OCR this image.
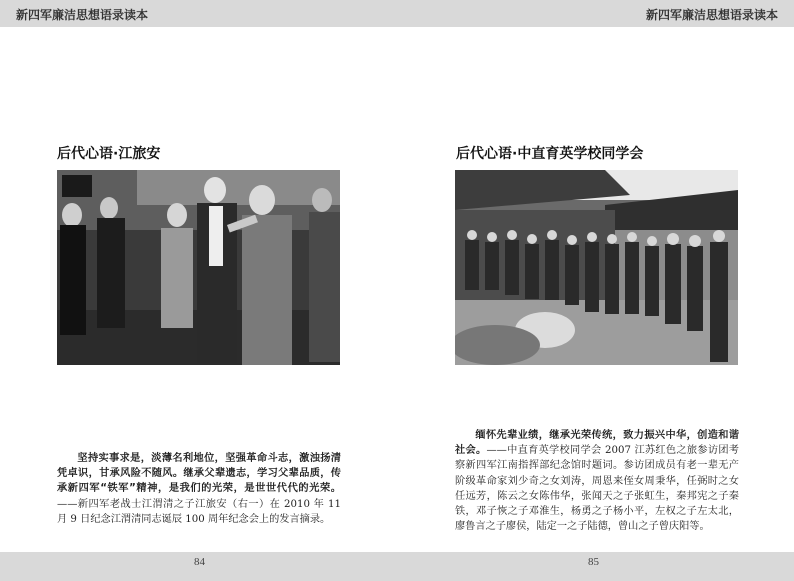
新四军廉洁思想语录读本	新四军廉洁思想语录读本
后代心语·江旅安

坚持实事求是，淡薄名利地位，坚强革命斗志，激浊扬清凭卓识，甘承风险不随风。继承父辈遗志，学习父辈品质，传承新四军“铁军”精神，是我们的光荣，是世世代代的光荣。——新四军老战士江渭清之子江旅安（右一）在 2010 年 11 月 9 日纪念江渭清同志诞辰 100 周年纪念会上的发言摘录。

后代心语·中直育英学校同学会

缅怀先辈业绩，继承光荣传统，致力振兴中华，创造和谐社会。——中直育英学校同学会 2007 江苏红色之旅参访团考察新四军江南指挥部纪念馆时题词。参访团成员有老一辈无产阶级革命家刘少奇之女刘涛，周恩来侄女周秉华，任弼时之女任远芳，陈云之女陈伟华，张闻天之子张虹生，秦邦宪之子秦铁，邓子恢之子邓淮生，杨勇之子杨小平，左权之子左太北，廖鲁言之子廖侯，陆定一之子陆德，曾山之子曾庆阳等。

84	85
